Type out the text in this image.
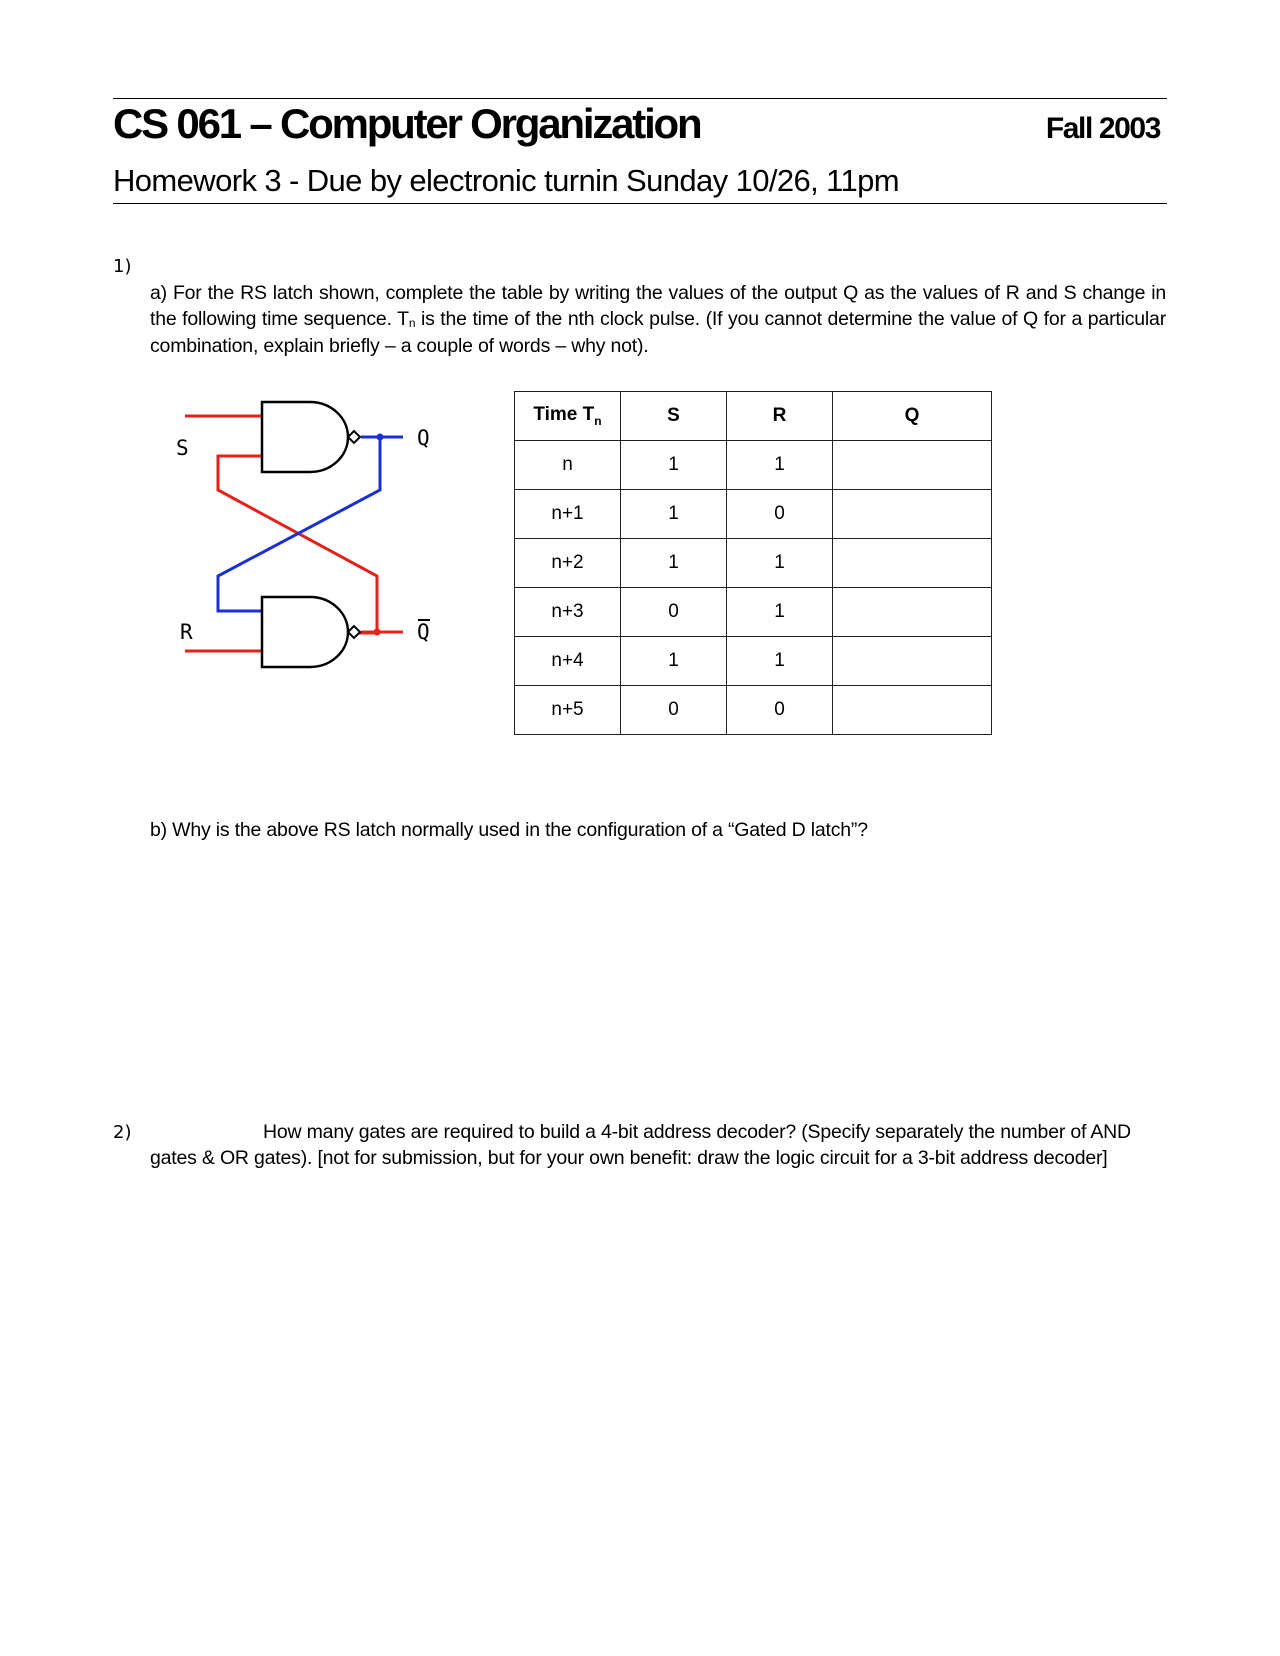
CS 061 – Computer Organization	Fall 2003
Homework 3 - Due by electronic turnin Sunday 10/26, 11pm
1)
a) For the RS latch shown, complete the table by writing the values of the output Q as the values of R and S change in the following time sequence. $T_n$ is the time of the nth clock pulse. (If you cannot determine the value of Q for a particular combination, explain briefly – a couple of words – why not).
S
R
Q
Q
Time $T_n$	S	R	Q
n	1	1	
n+1	1	0	
n+2	1	1	
n+3	0	1	
n+4	1	1	
n+5	0	0	
b) Why is the above RS latch normally used in the configuration of a “Gated D latch”?
2)	How many gates are required to build a 4-bit address decoder? (Specify separately the number of AND
gates & OR gates). [not for submission, but for your own benefit: draw the logic circuit for a 3-bit address decoder]
